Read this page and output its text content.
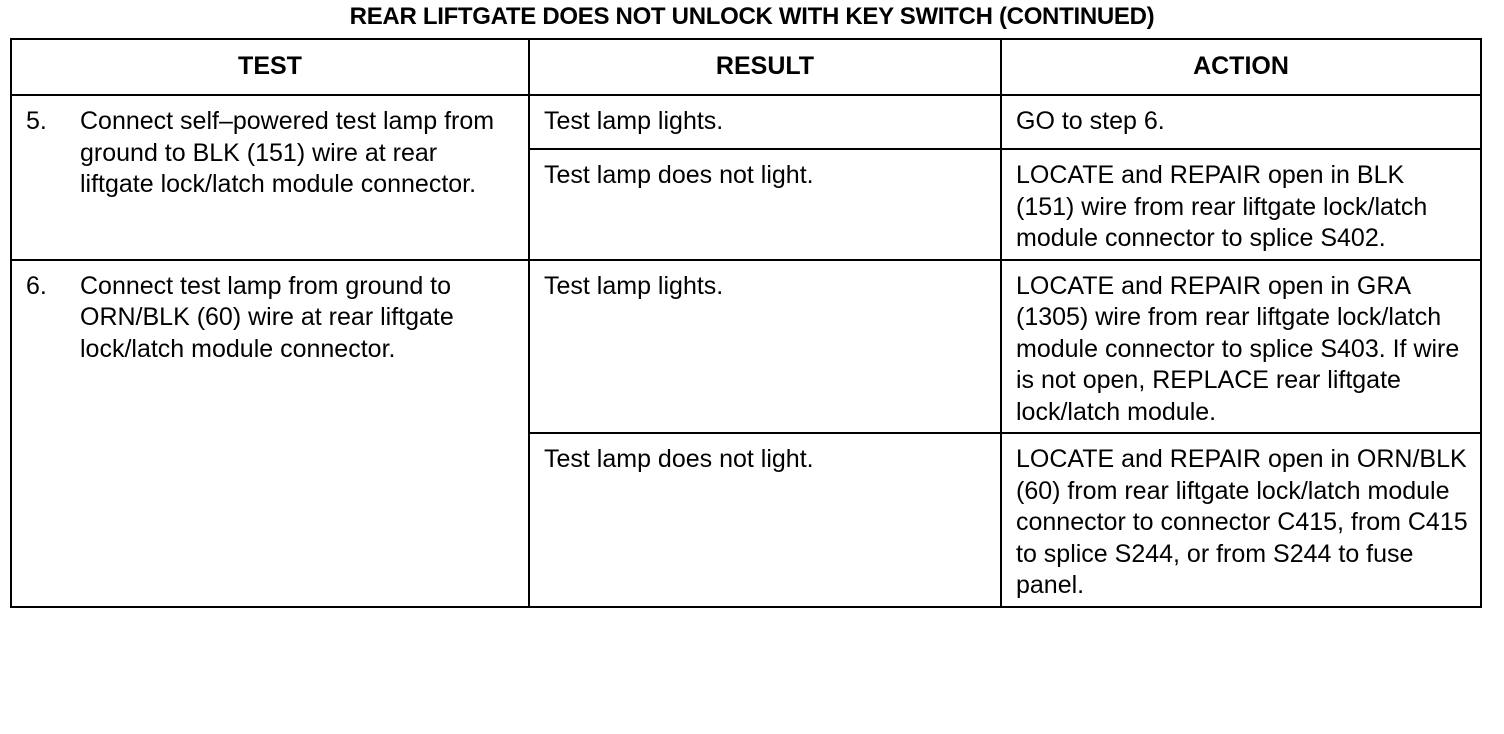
REAR LIFTGATE DOES NOT UNLOCK WITH KEY SWITCH (CONTINUED)
TEST	RESULT	ACTION

5. Connect self–powered test lamp from ground to BLK (151) wire at rear liftgate lock/latch module connector.	Test lamp lights.	GO to step 6.
	Test lamp does not light.	LOCATE and REPAIR open in BLK (151) wire from rear liftgate lock/latch module connector to splice S402.

6. Connect test lamp from ground to ORN/BLK (60) wire at rear liftgate lock/latch module connector.	Test lamp lights.	LOCATE and REPAIR open in GRA (1305) wire from rear liftgate lock/latch module connector to splice S403. If wire is not open, REPLACE rear liftgate lock/latch module.
	Test lamp does not light.	LOCATE and REPAIR open in ORN/BLK (60) from rear liftgate lock/latch module connector to connector C415, from C415 to splice S244, or from S244 to fuse panel.
